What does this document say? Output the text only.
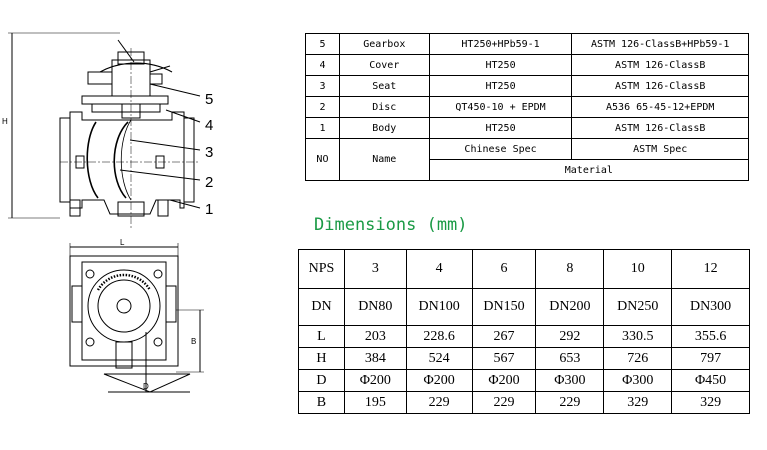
H
5
4
3
2
1
L
B
D
5	Gearbox	HT250+HPb59-1	ASTM 126-ClassB+HPb59-1
4	Cover	HT250	ASTM 126-ClassB
3	Seat	HT250	ASTM 126-ClassB
2	Disc	QT450-10 + EPDM	A536 65-45-12+EPDM
1	Body	HT250	ASTM 126-ClassB
NO	Name	Chinese Spec	ASTM Spec
		Material	
Dimensions (mm)
NPS	3	4	6	8	10	12
DN	DN80	DN100	DN150	DN200	DN250	DN300
L	203	228.6	267	292	330.5	355.6
H	384	524	567	653	726	797
D	Φ200	Φ200	Φ200	Φ300	Φ300	Φ450
B	195	229	229	229	329	329
